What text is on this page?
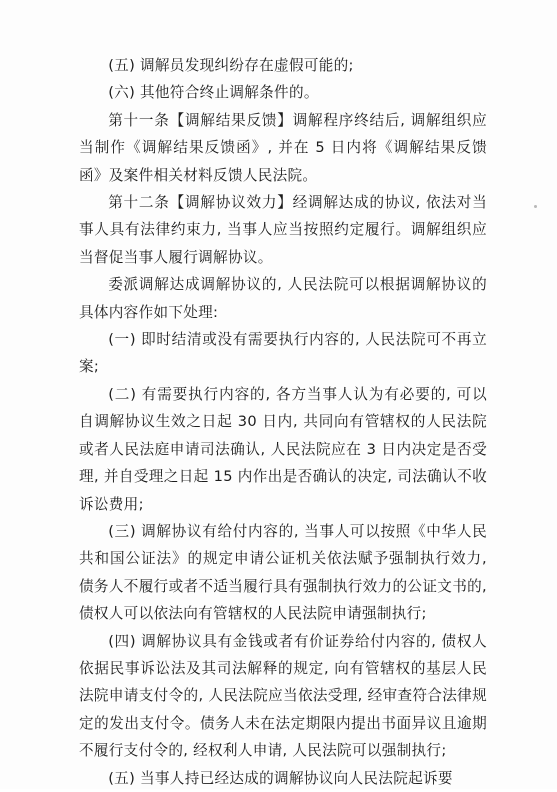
(五) 调解员发现纠纷存在虚假可能的;

(六) 其他符合终止调解条件的。

第十一条【调解结果反馈】调解程序终结后, 调解组织应当制作《调解结果反馈函》, 并在 5 日内将《调解结果反馈函》及案件相关材料反馈人民法院。

第十二条【调解协议效力】经调解达成的协议, 依法对当事人具有法律约束力, 当事人应当按照约定履行。调解组织应当督促当事人履行调解协议。

委派调解达成调解协议的, 人民法院可以根据调解协议的具体内容作如下处理:

(一) 即时结清或没有需要执行内容的, 人民法院可不再立案;

(二) 有需要执行内容的, 各方当事人认为有必要的, 可以自调解协议生效之日起 30 日内, 共同向有管辖权的人民法院或者人民法庭申请司法确认, 人民法院应在 3 日内决定是否受理, 并自受理之日起 15 内作出是否确认的决定, 司法确认不收诉讼费用;

(三) 调解协议有给付内容的, 当事人可以按照《中华人民共和国公证法》的规定申请公证机关依法赋予强制执行效力, 债务人不履行或者不适当履行具有强制执行效力的公证文书的, 债权人可以依法向有管辖权的人民法院申请强制执行;

(四) 调解协议具有金钱或者有价证券给付内容的, 债权人依据民事诉讼法及其司法解释的规定, 向有管辖权的基层人民法院申请支付令的, 人民法院应当依法受理, 经审查符合法律规定的发出支付令。债务人未在法定期限内提出书面异议且逾期不履行支付令的, 经权利人申请, 人民法院可以强制执行;

(五) 当事人持已经达成的调解协议向人民法院起诉要
